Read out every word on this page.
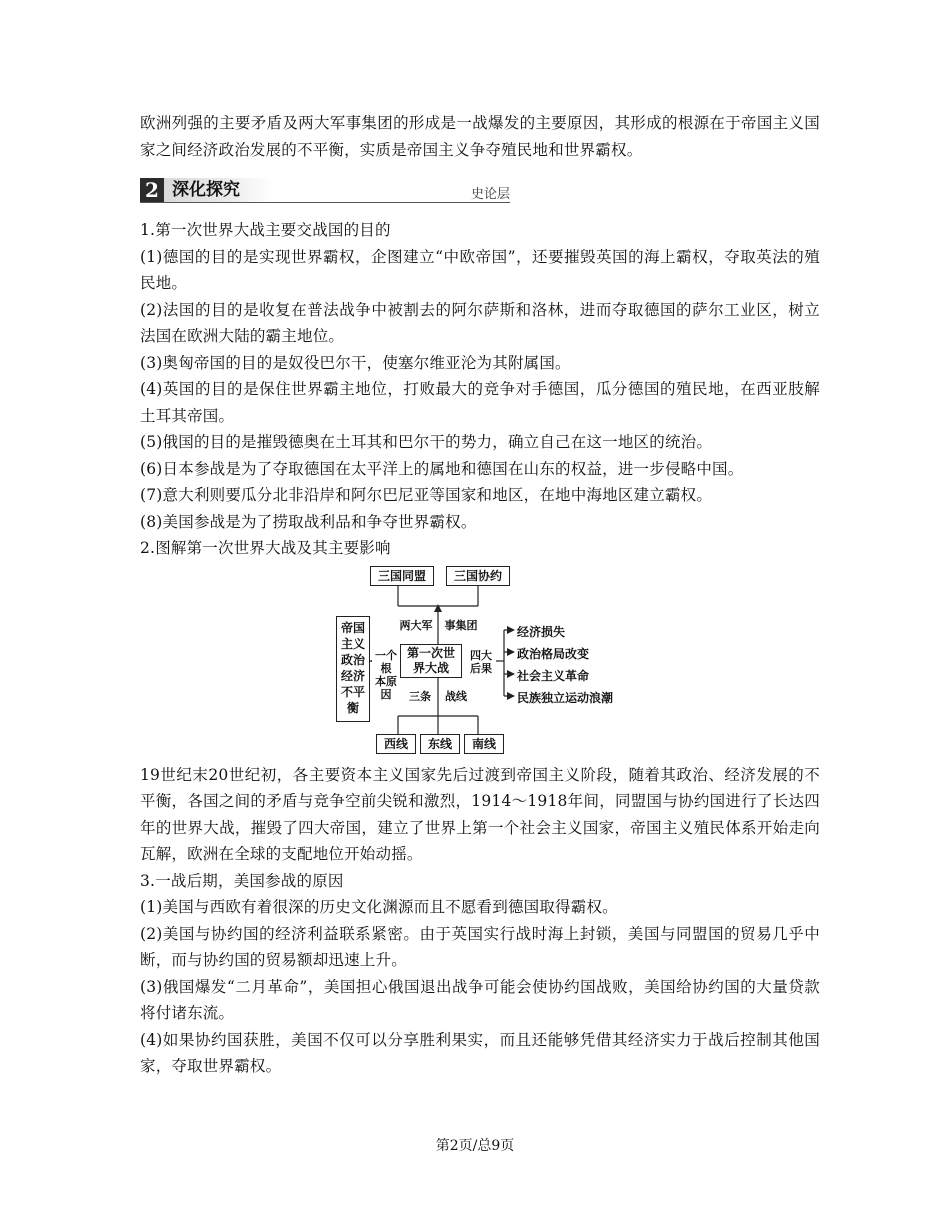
欧洲列强的主要矛盾及两大军事集团的形成是一战爆发的主要原因，其形成的根源在于帝国主义国家之间经济政治发展的不平衡，实质是帝国主义争夺殖民地和世界霸权。

2 深化探究	史论层

1.第一次世界大战主要交战国的目的

(1)德国的目的是实现世界霸权，企图建立“中欧帝国”，还要摧毁英国的海上霸权，夺取英法的殖民地。

(2)法国的目的是收复在普法战争中被割去的阿尔萨斯和洛林，进而夺取德国的萨尔工业区，树立法国在欧洲大陆的霸主地位。

(3)奥匈帝国的目的是奴役巴尔干，使塞尔维亚沦为其附属国。

(4)英国的目的是保住世界霸主地位，打败最大的竞争对手德国，瓜分德国的殖民地，在西亚肢解土耳其帝国。

(5)俄国的目的是摧毁德奥在土耳其和巴尔干的势力，确立自己在这一地区的统治。

(6)日本参战是为了夺取德国在太平洋上的属地和德国在山东的权益，进一步侵略中国。

(7)意大利则要瓜分北非沿岸和阿尔巴尼亚等国家和地区，在地中海地区建立霸权。

(8)美国参战是为了捞取战利品和争夺世界霸权。

2.图解第一次世界大战及其主要影响

三国同盟	三国协约
两大军	事集团
帝国
主义
政治
经济
不平
衡
一个根
本原因
第一次世
界大战
四大
后果
经济损失
政治格局改变
社会主义革命
民族独立运动浪潮
三条 战线
西线	东线	南线

19世纪末20世纪初，各主要资本主义国家先后过渡到帝国主义阶段，随着其政治、经济发展的不平衡，各国之间的矛盾与竞争空前尖锐和激烈，1914～1918年间，同盟国与协约国进行了长达四年的世界大战，摧毁了四大帝国，建立了世界上第一个社会主义国家，帝国主义殖民体系开始走向瓦解，欧洲在全球的支配地位开始动摇。

3.一战后期，美国参战的原因

(1)美国与西欧有着很深的历史文化渊源而且不愿看到德国取得霸权。

(2)美国与协约国的经济利益联系紧密。由于英国实行战时海上封锁，美国与同盟国的贸易几乎中断，而与协约国的贸易额却迅速上升。

(3)俄国爆发“二月革命”，美国担心俄国退出战争可能会使协约国战败，美国给协约国的大量贷款将付诸东流。

(4)如果协约国获胜，美国不仅可以分享胜利果实，而且还能够凭借其经济实力于战后控制其他国家，夺取世界霸权。

第2页/总9页
